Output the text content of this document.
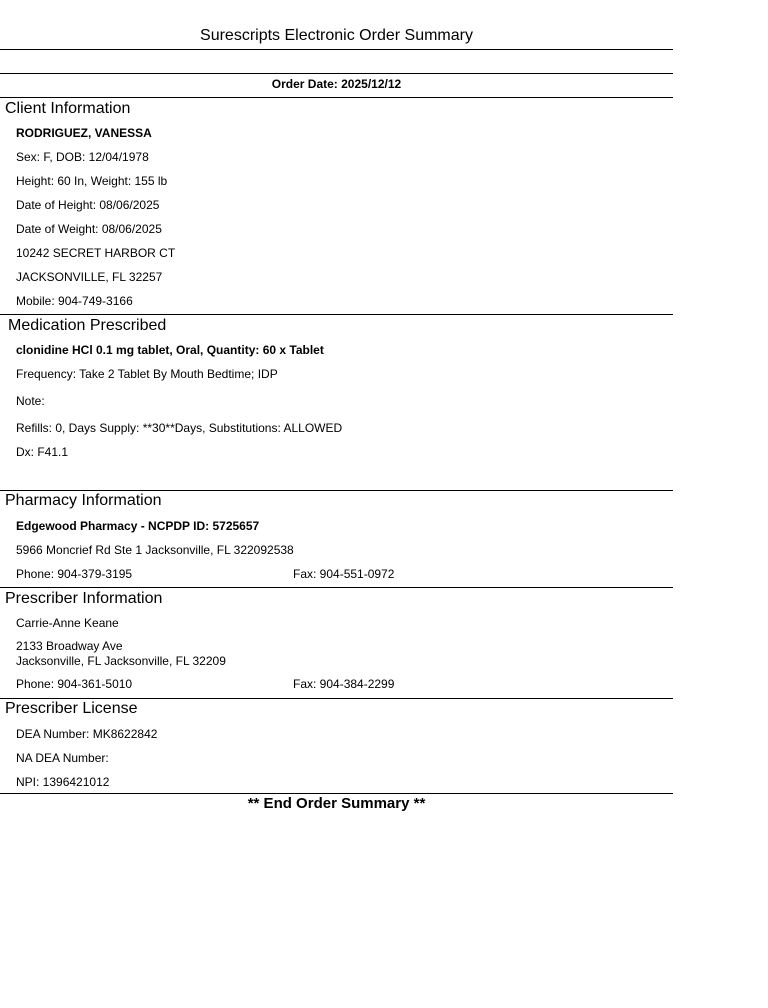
Surescripts Electronic Order Summary
Order Date: 2025/12/12
Client Information
RODRIGUEZ, VANESSA
Sex: F, DOB: 12/04/1978
Height: 60 In, Weight: 155 lb
Date of Height: 08/06/2025
Date of Weight: 08/06/2025
10242 SECRET HARBOR CT
JACKSONVILLE, FL 32257
Mobile: 904-749-3166
Medication Prescribed
clonidine HCl 0.1 mg tablet, Oral, Quantity: 60 x Tablet
Frequency: Take 2 Tablet By Mouth Bedtime; IDP
Note:
Refills: 0, Days Supply: **30**Days, Substitutions: ALLOWED
Dx: F41.1
Pharmacy Information
Edgewood Pharmacy - NCPDP ID: 5725657
5966 Moncrief Rd Ste 1 Jacksonville, FL 322092538
Phone: 904-379-3195	Fax: 904-551-0972
Prescriber Information
Carrie-Anne Keane
2133 Broadway Ave
Jacksonville, FL Jacksonville, FL 32209
Phone: 904-361-5010	Fax: 904-384-2299
Prescriber License
DEA Number: MK8622842
NA DEA Number:
NPI: 1396421012
** End Order Summary **
